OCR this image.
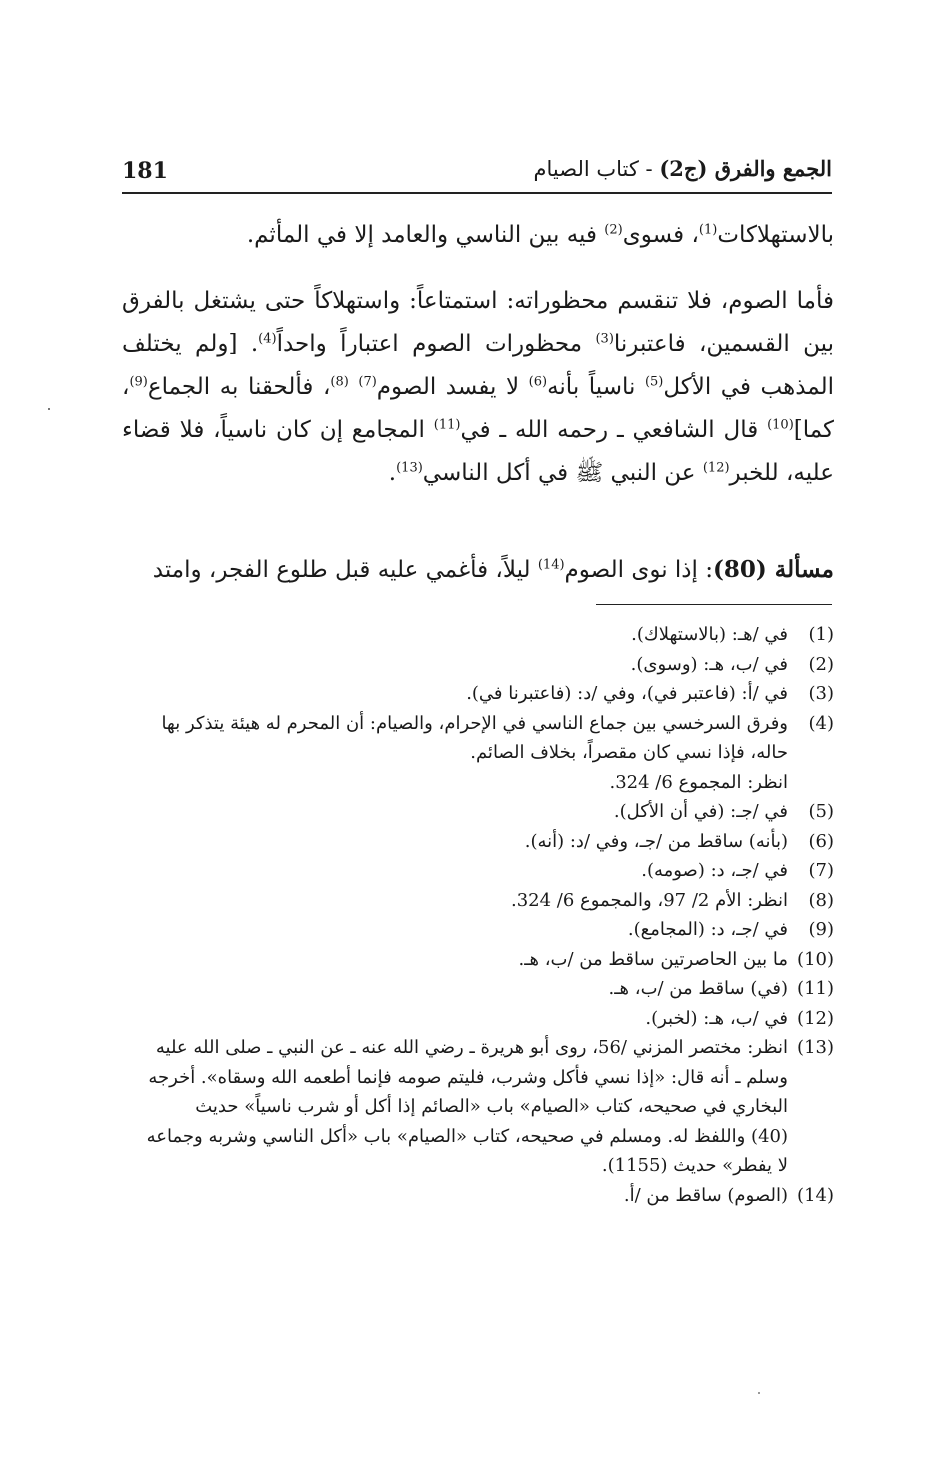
181	الجمع والفرق (ج2) - كتاب الصيام

بالاستهلاكات$^{(1)}$، فسوى$^{(2)}$ فيه بين الناسي والعامد إلا في المأثم.

فأما الصوم، فلا تنقسم محظوراته: استمتاعاً: واستهلاكاً حتى يشتغل بالفرق بين القسمين، فاعتبرنا$^{(3)}$ محظورات الصوم اعتباراً واحداً$^{(4)}$. [ولم يختلف المذهب في الأكل$^{(5)}$ ناسياً بأنه$^{(6)}$ لا يفسد الصوم$^{(7)}$ $^{(8)}$، فألحقنا به الجماع$^{(9)}$، كما]$^{(10)}$ قال الشافعي ـ رحمه الله ـ في$^{(11)}$ المجامع إن كان ناسياً، فلا قضاء عليه، للخبر$^{(12)}$ عن النبي ﷺ في أكل الناسي$^{(13)}$.

مسألة (80): إذا نوى الصوم$^{(14)}$ ليلاً، فأغمي عليه قبل طلوع الفجر، وامتد

(1)
في /هـ: (بالاستهلاك).
(2)
في /ب، هـ: (وسوى).
(3)
في /أ: (فاعتبر في)، وفي /د: (فاعتبرنا في).
(4)
وفرق السرخسي بين جماع الناسي في الإحرام، والصيام: أن المحرم له هيئة يتذكر بها
حاله، فإذا نسي كان مقصراً، بخلاف الصائم.
انظر: المجموع 6/ 324.
(5)
في /جـ: (في أن الأكل).
(6)
(بأنه) ساقط من /جـ، وفي /د: (أنه).
(7)
في /جـ، د: (صومه).
(8)
انظر: الأم 2/ 97، والمجموع 6/ 324.
(9)
في /جـ، د: (المجامع).
(10)
ما بين الحاصرتين ساقط من /ب، هـ.
(11)
(في) ساقط من /ب، هـ.
(12)
في /ب، هـ: (لخبر).
(13)
انظر: مختصر المزني /56، روى أبو هريرة ـ رضي الله عنه ـ عن النبي ـ صلى الله عليه
وسلم ـ أنه قال: «إذا نسي فأكل وشرب، فليتم صومه فإنما أطعمه الله وسقاه». أخرجه
البخاري في صحيحه، كتاب «الصيام» باب «الصائم إذا أكل أو شرب ناسياً» حديث
(40) واللفظ له. ومسلم في صحيحه، كتاب «الصيام» باب «أكل الناسي وشربه وجماعه
لا يفطر» حديث (1155).
(14)
(الصوم) ساقط من /أ.
